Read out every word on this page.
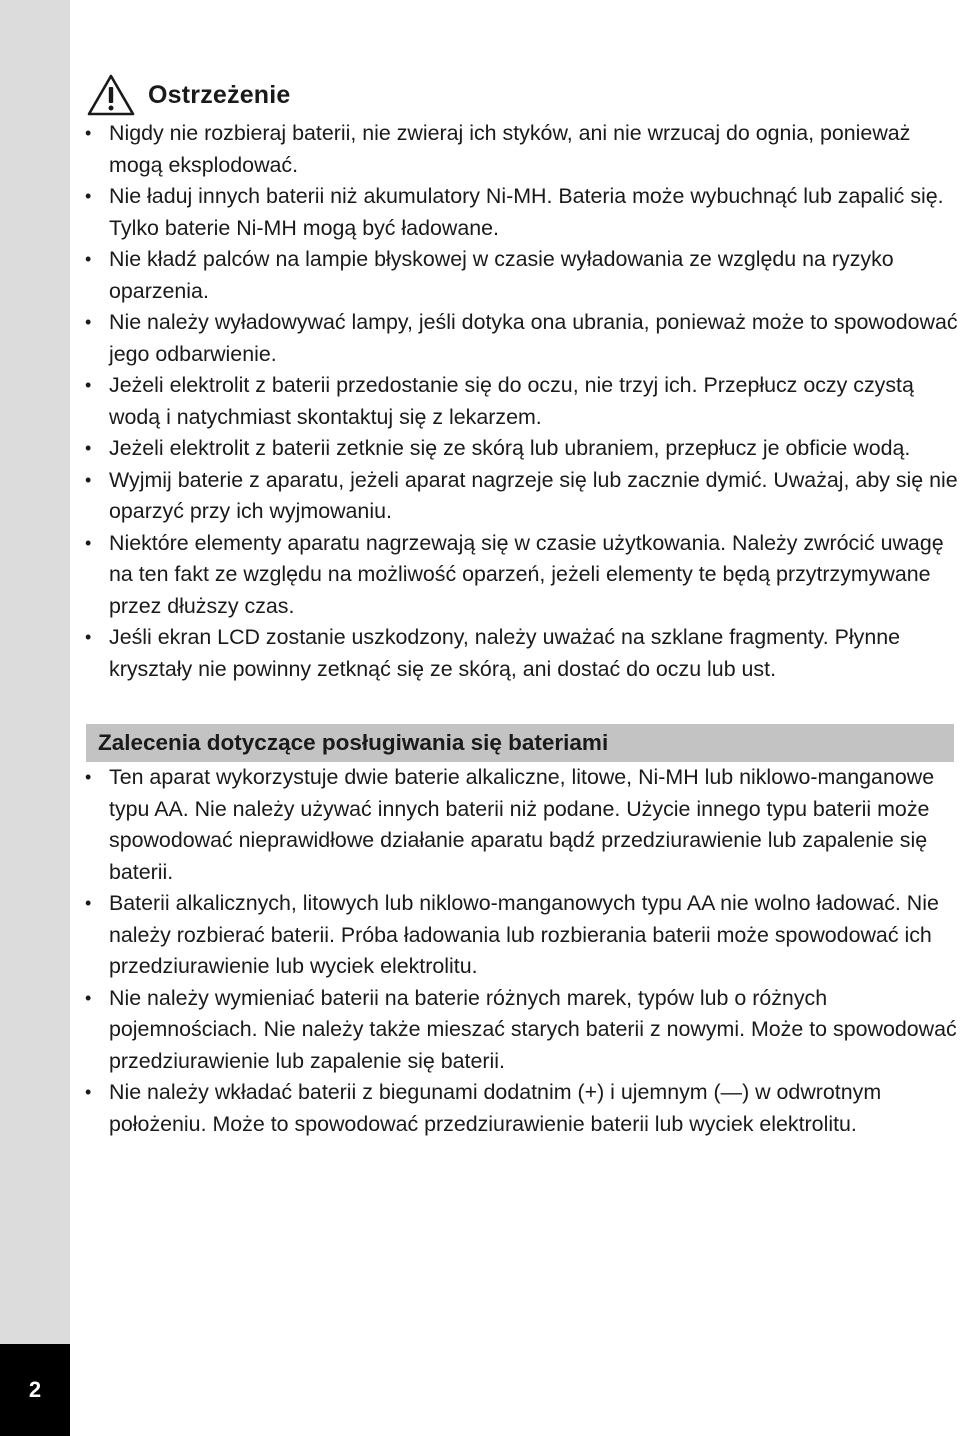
2
Ostrzeżenie
• Nigdy nie rozbieraj baterii, nie zwieraj ich styków, ani nie wrzucaj do ognia, ponieważ mogą eksplodować.
• Nie ładuj innych baterii niż akumulatory Ni-MH. Bateria może wybuchnąć lub zapalić się. Tylko baterie Ni-MH mogą być ładowane.
• Nie kładź palców na lampie błyskowej w czasie wyładowania ze względu na ryzyko oparzenia.
• Nie należy wyładowywać lampy, jeśli dotyka ona ubrania, ponieważ może to spowodować jego odbarwienie.
• Jeżeli elektrolit z baterii przedostanie się do oczu, nie trzyj ich. Przepłucz oczy czystą wodą i natychmiast skontaktuj się z lekarzem.
• Jeżeli elektrolit z baterii zetknie się ze skórą lub ubraniem, przepłucz je obficie wodą.
• Wyjmij baterie z aparatu, jeżeli aparat nagrzeje się lub zacznie dymić. Uważaj, aby się nie oparzyć przy ich wyjmowaniu.
• Niektóre elementy aparatu nagrzewają się w czasie użytkowania. Należy zwrócić uwagę na ten fakt ze względu na możliwość oparzeń, jeżeli elementy te będą przytrzymywane przez dłuższy czas.
• Jeśli ekran LCD zostanie uszkodzony, należy uważać na szklane fragmenty. Płynne kryształy nie powinny zetknąć się ze skórą, ani dostać do oczu lub ust.
Zalecenia dotyczące posługiwania się bateriami
• Ten aparat wykorzystuje dwie baterie alkaliczne, litowe, Ni-MH lub niklowo-manganowe typu AA. Nie należy używać innych baterii niż podane. Użycie innego typu baterii może spowodować nieprawidłowe działanie aparatu bądź przedziurawienie lub zapalenie się baterii.
• Baterii alkalicznych, litowych lub niklowo-manganowych typu AA nie wolno ładować. Nie należy rozbierać baterii. Próba ładowania lub rozbierania baterii może spowodować ich przedziurawienie lub wyciek elektrolitu.
• Nie należy wymieniać baterii na baterie różnych marek, typów lub o różnych pojemnościach. Nie należy także mieszać starych baterii z nowymi. Może to spowodować przedziurawienie lub zapalenie się baterii.
• Nie należy wkładać baterii z biegunami dodatnim (+) i ujemnym (—) w odwrotnym położeniu. Może to spowodować przedziurawienie baterii lub wyciek elektrolitu.
